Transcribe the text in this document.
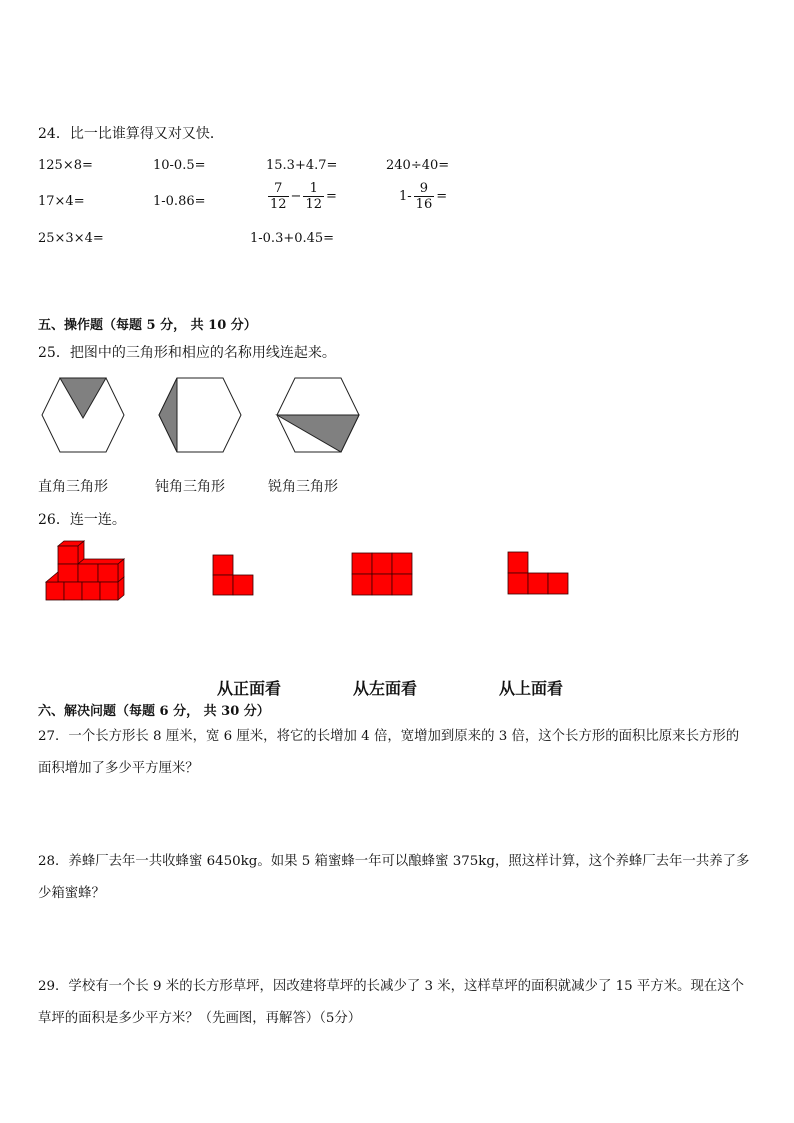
24．比一比谁算得又对又快．
125×8=	10-0.5=	15.3+4.7=	240÷40=
17×4=	1-0.86=	$\frac{7}{12} - \frac{1}{12}$ =	$1- \frac{9}{16}$ =
25×3×4=	1-0.3+0.45=
五、操作题（每题 5 分， 共 10 分）
25．把图中的三角形和相应的名称用线连起来。
直角三角形	钝角三角形	锐角三角形
26．连一连。
从正面看	从左面看	从上面看
六、解决问题（每题 6 分， 共 30 分）
27．一个长方形长 8 厘米，宽 6 厘米，将它的长增加 4 倍，宽增加到原来的 3 倍，这个长方形的面积比原来长方形的
面积增加了多少平方厘米？
28．养蜂厂去年一共收蜂蜜 6450kg。如果 5 箱蜜蜂一年可以酿蜂蜜 375kg，照这样计算，这个养蜂厂去年一共养了多
少箱蜜蜂？
29．学校有一个长 9 米的长方形草坪，因改建将草坪的长减少了 3 米，这样草坪的面积就减少了 15 平方米。现在这个
草坪的面积是多少平方米？（先画图，再解答）（5分）
